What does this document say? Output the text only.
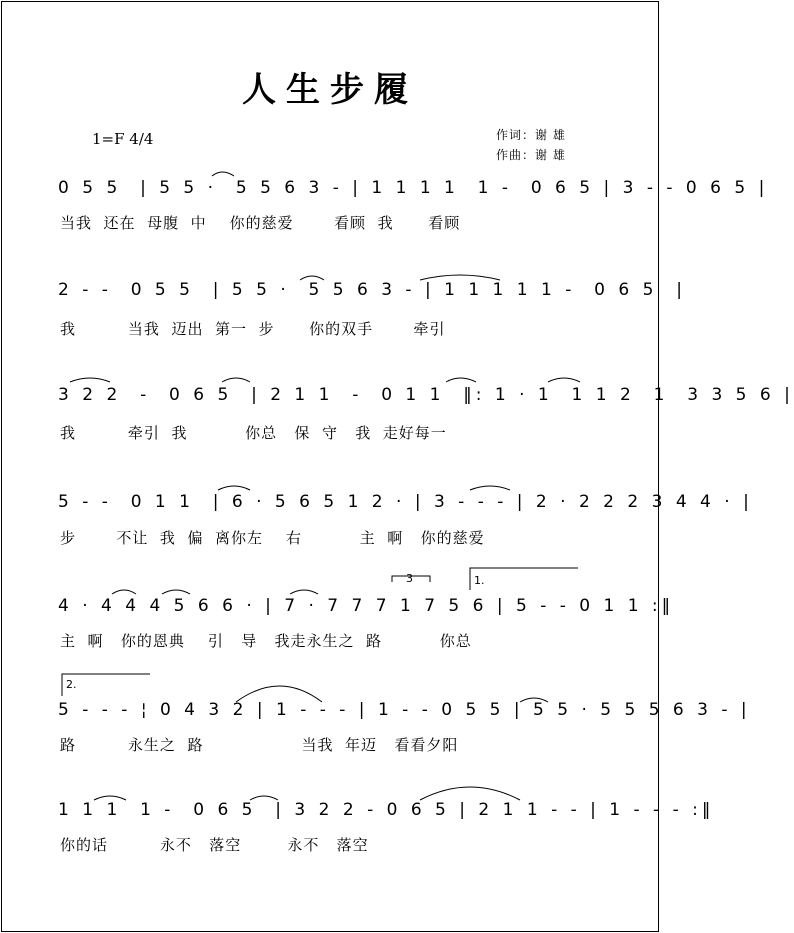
人生步履
1=F 4/4	作词：谢 雄
作曲：谢 雄
0 5 5  | 5 5 ·  5 5 6 3 - | 1 1 1 1  1 -  0 6 5 | 3 - - 0 6 5 |
当我  还在  母腹  中    你的慈爱       看顾  我      看顾
2 - -  0 5 5  | 5 5 ·  5 5 6 3 - | 1 1 1 1 1 -  0 6 5  |
我         当我  迈出  第一  步      你的双手       牵引
3 2 2  -  0 6 5  | 2 1 1  -  0 1 1  ‖: 1 · 1  1 1 2  1  3 3 5 6 |
我         牵引  我          你总   保  守   我  走好每一
5 - -  0 1 1  | 6 · 5 6 5 1 2 · | 3 - - - | 2 · 2 2 2 3 4 4 · |
步       不让  我  偏  离你左    右          主  啊   你的慈爱
4 · 4 4 4 5 6 6 · | 7 · 7 7 7 1 7 5 6 | 5 - - 0 1 1 :‖
主  啊   你的恩典    引   导   我走永生之  路          你总
3	1.
2.
5 - - - ¦ 0 4 3 2 | 1 - - - | 1 - - 0 5 5 | 5 5 · 5 5 5 6 3 - |
路         永生之  路                 当我  年迈   看看夕阳
1 1 1  1 -  0 6 5  | 3 2 2 - 0 6 5 | 2 1 1 - - | 1 - - - :‖
你的话         永不   落空        永不   落空
